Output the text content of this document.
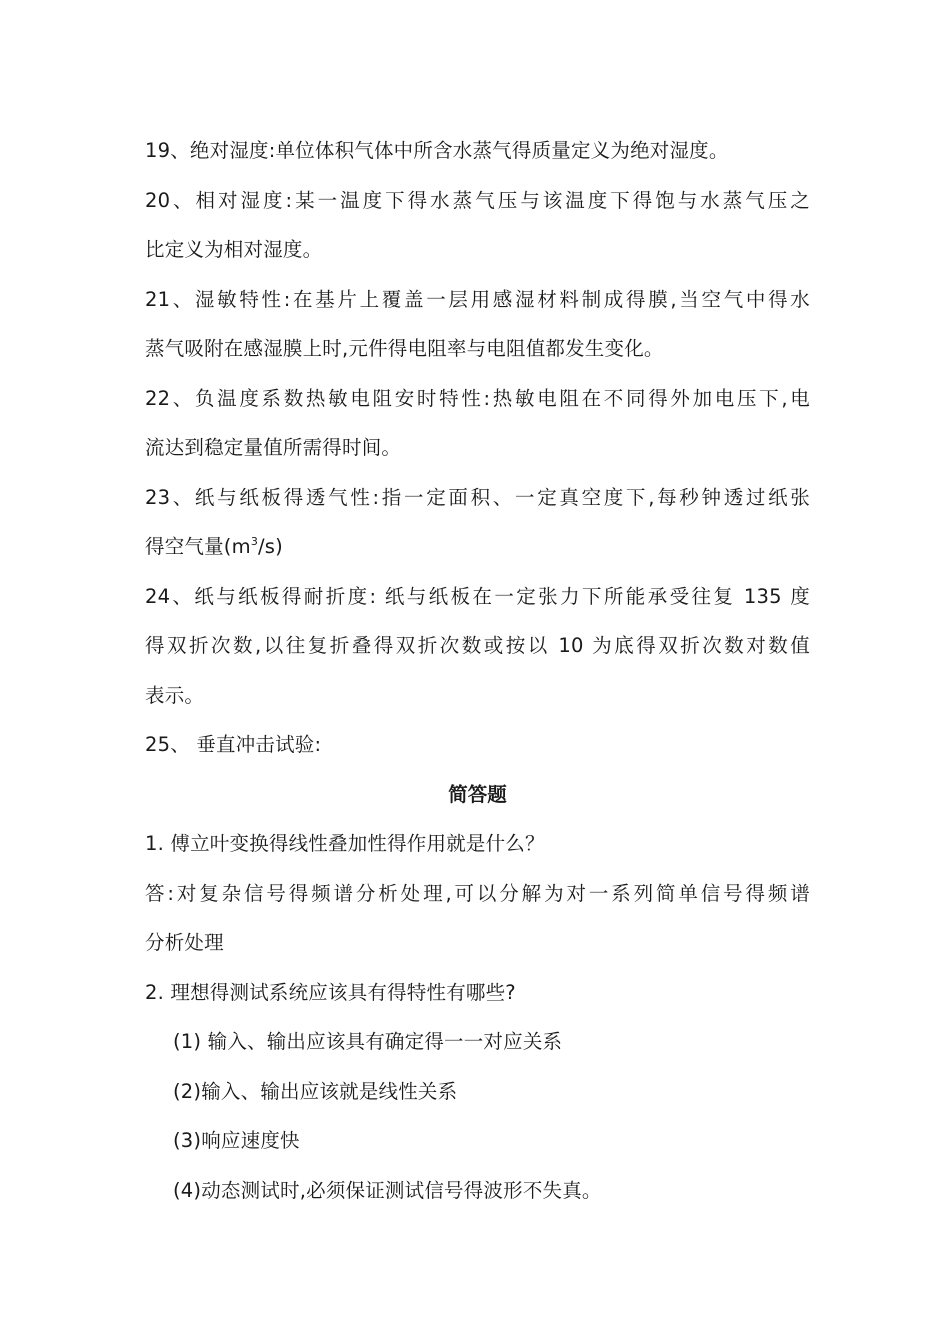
19、绝对湿度:单位体积气体中所含水蒸气得质量定义为绝对湿度。
20、相对湿度:某一温度下得水蒸气压与该温度下得饱与水蒸气压之
比定义为相对湿度。
21、湿敏特性:在基片上覆盖一层用感湿材料制成得膜,当空气中得水
蒸气吸附在感湿膜上时,元件得电阻率与电阻值都发生变化。
22、负温度系数热敏电阻安时特性:热敏电阻在不同得外加电压下,电
流达到稳定量值所需得时间。
23、纸与纸板得透气性:指一定面积、一定真空度下,每秒钟透过纸张
得空气量$(m^3/s)$
24、纸与纸板得耐折度: 纸与纸板在一定张力下所能承受往复 135 度
得双折次数,以往复折叠得双折次数或按以 10 为底得双折次数对数值
表示。
25、 垂直冲击试验:
简答题
1. 傅立叶变换得线性叠加性得作用就是什么？
答:对复杂信号得频谱分析处理,可以分解为对一系列简单信号得频谱
分析处理
2. 理想得测试系统应该具有得特性有哪些?
(1) 输入、输出应该具有确定得一一对应关系
(2)输入、输出应该就是线性关系
(3)响应速度快
(4)动态测试时,必须保证测试信号得波形不失真。
